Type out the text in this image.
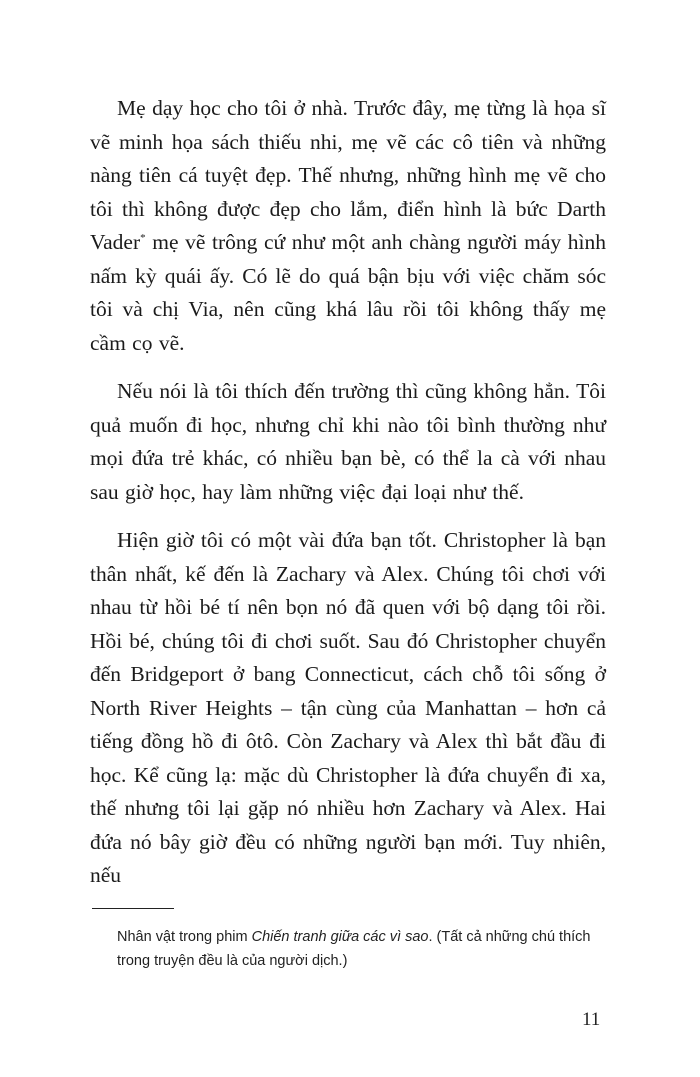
Mẹ dạy học cho tôi ở nhà. Trước đây, mẹ từng là họa sĩ vẽ minh họa sách thiếu nhi, mẹ vẽ các cô tiên và những nàng tiên cá tuyệt đẹp. Thế nhưng, những hình mẹ vẽ cho tôi thì không được đẹp cho lắm, điển hình là bức Darth Vader* mẹ vẽ trông cứ như một anh chàng người máy hình nấm kỳ quái ấy. Có lẽ do quá bận bịu với việc chăm sóc tôi và chị Via, nên cũng khá lâu rồi tôi không thấy mẹ cầm cọ vẽ.

Nếu nói là tôi thích đến trường thì cũng không hẳn. Tôi quả muốn đi học, nhưng chỉ khi nào tôi bình thường như mọi đứa trẻ khác, có nhiều bạn bè, có thể la cà với nhau sau giờ học, hay làm những việc đại loại như thế.

Hiện giờ tôi có một vài đứa bạn tốt. Christopher là bạn thân nhất, kế đến là Zachary và Alex. Chúng tôi chơi với nhau từ hồi bé tí nên bọn nó đã quen với bộ dạng tôi rồi. Hồi bé, chúng tôi đi chơi suốt. Sau đó Christopher chuyển đến Bridgeport ở bang Connecticut, cách chỗ tôi sống ở North River Heights – tận cùng của Manhattan – hơn cả tiếng đồng hồ đi ôtô. Còn Zachary và Alex thì bắt đầu đi học. Kể cũng lạ: mặc dù Christopher là đứa chuyển đi xa, thế nhưng tôi lại gặp nó nhiều hơn Zachary và Alex. Hai đứa nó bây giờ đều có những người bạn mới. Tuy nhiên, nếu

Nhân vật trong phim Chiến tranh giữa các vì sao. (Tất cả những chú thích trong truyện đều là của người dịch.)
11
